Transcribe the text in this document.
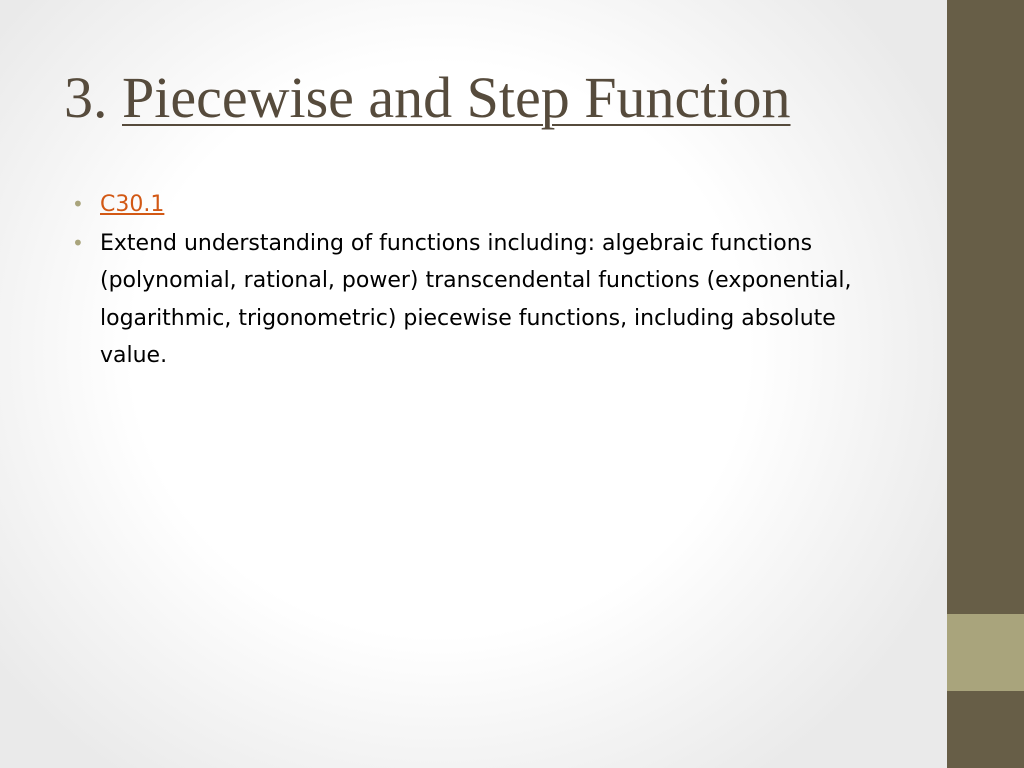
3. Piecewise and Step Function
• C30.1
• Extend understanding of functions including: algebraic functions (polynomial, rational, power) transcendental functions (exponential, logarithmic, trigonometric) piecewise functions, including absolute value.
